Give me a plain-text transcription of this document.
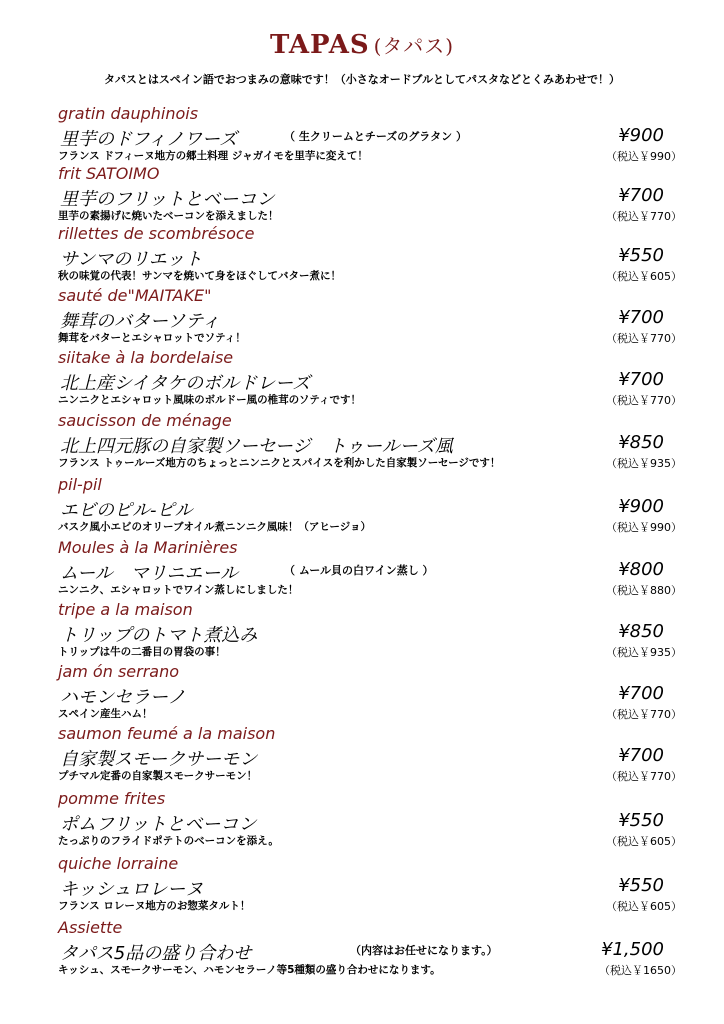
TAPAS (タパス)
タパスとはスペイン語でおつまみの意味です！（小さなオードブルとしてパスタなどとくみあわせで！）
gratin dauphinois
里芋のドフィノワーズ	（ 生クリームとチーズのグラタン ）	¥900
フランス ドフィーヌ地方の郷土料理 ジャガイモを里芋に変えて！	（税込￥990）
frit SATOIMO
里芋のフリットとベーコン	¥700
里芋の素揚げに焼いたベーコンを添えました！	（税込￥770）
rillettes de scombrésoce
サンマのリエット	¥550
秋の味覚の代表！サンマを焼いて身をほぐしてバター煮に！	（税込￥605）
sauté de"MAITAKE"
舞茸のバターソティ	¥700
舞茸をバターとエシャロットでソティ！	（税込￥770）
siitake à la bordelaise
北上産シイタケのボルドレーズ	¥700
ニンニクとエシャロット風味のボルドー風の椎茸のソティです！	（税込￥770）
saucisson de ménage
北上四元豚の自家製ソーセージ　トゥールーズ風	¥850
フランス トゥールーズ地方のちょっとニンニクとスパイスを利かした自家製ソーセージです！	（税込￥935）
pil-pil
エビのピル-ピル	¥900
バスク風小エビのオリーブオイル煮ニンニク風味！（アヒージョ）	（税込￥990）
Moules à la Marinières
ムール　マリニエール	（ ムール貝の白ワイン蒸し ）	¥800
ニンニク、エシャロットでワイン蒸しにしました！	（税込￥880）
tripe a la maison
トリップのトマト煮込み	¥850
トリップは牛の二番目の胃袋の事！	（税込￥935）
jam ón serrano
ハモンセラーノ	¥700
スペイン産生ハム！	（税込￥770）
saumon feumé a la maison
自家製スモークサーモン	¥700
プチマル定番の自家製スモークサーモン！	（税込￥770）
pomme frites
ポムフリットとベーコン	¥550
たっぷりのフライドポテトのベーコンを添え。	（税込￥605）
quiche lorraine
キッシュロレーヌ	¥550
フランス ロレーヌ地方のお惣菜タルト！	（税込￥605）
Assiette
タパス5品の盛り合わせ	（内容はお任せになります。）	¥1,500
キッシュ、スモークサーモン、ハモンセラーノ等5種類の盛り合わせになります。	（税込￥1650）
